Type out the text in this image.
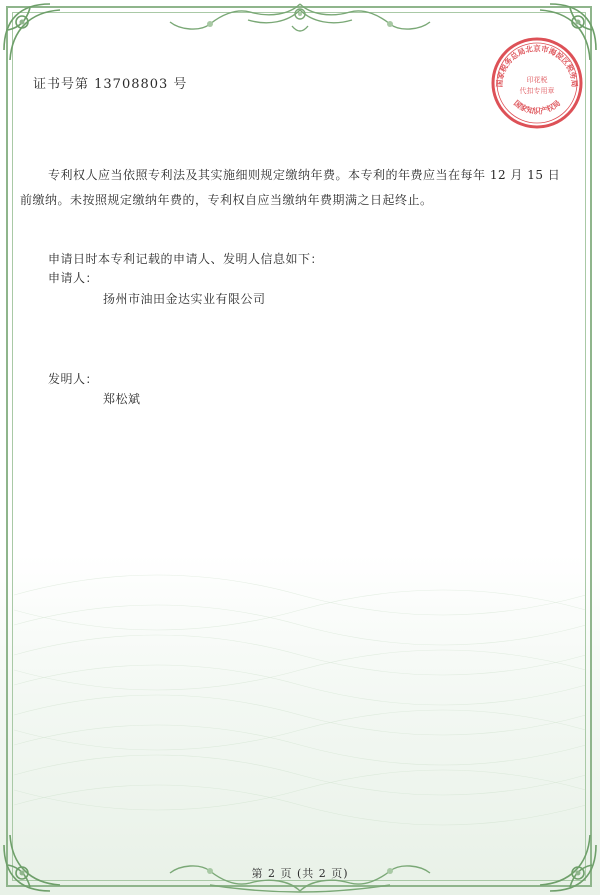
国家税务总局北京市海淀区税务局
印花税
代扣专用章
国家知识产权局
证书号第 13708803 号
专利权人应当依照专利法及其实施细则规定缴纳年费。本专利的年费应当在每年 12 月 15 日
前缴纳。未按照规定缴纳年费的，专利权自应当缴纳年费期满之日起终止。
申请日时本专利记载的申请人、发明人信息如下：
申请人：
扬州市油田金达实业有限公司
发明人：
郑松斌
第 2 页 (共 2 页)
